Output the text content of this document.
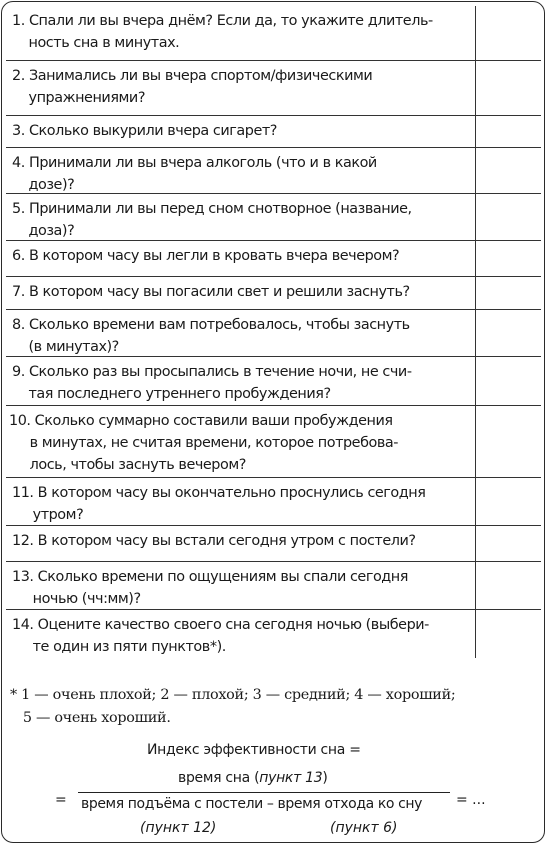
1. Спали ли вы вчера днём? Если да, то укажите длитель-
ность сна в минутах.
2. Занимались ли вы вчера спортом/физическими
упражнениями?
3. Сколько выкурили вчера сигарет?
4. Принимали ли вы вчера алкоголь (что и в какой
дозе)?
5. Принимали ли вы перед сном снотворное (название,
доза)?
6. В котором часу вы легли в кровать вчера вечером?
7. В котором часу вы погасили свет и решили заснуть?
8. Сколько времени вам потребовалось, чтобы заснуть
(в минутах)?
9. Сколько раз вы просыпались в течение ночи, не счи-
тая последнего утреннего пробуждения?
10. Сколько суммарно составили ваши пробуждения
в минутах, не считая времени, которое потребова-
лось, чтобы заснуть вечером?
11. В котором часу вы окончательно проснулись сегодня
утром?
12. В котором часу вы встали сегодня утром с постели?
13. Сколько времени по ощущениям вы спали сегодня
ночью (чч:мм)?
14. Оцените качество своего сна сегодня ночью (выбери-
те один из пяти пунктов*).
* 1 — очень плохой; 2 — плохой; 3 — средний; 4 — хороший;
5 — очень хороший.
Индекс эффективности сна =
=
время сна (пункт 13)
время подъёма с постели – время отхода ко сну = ...
(пункт 12)	(пункт 6)
